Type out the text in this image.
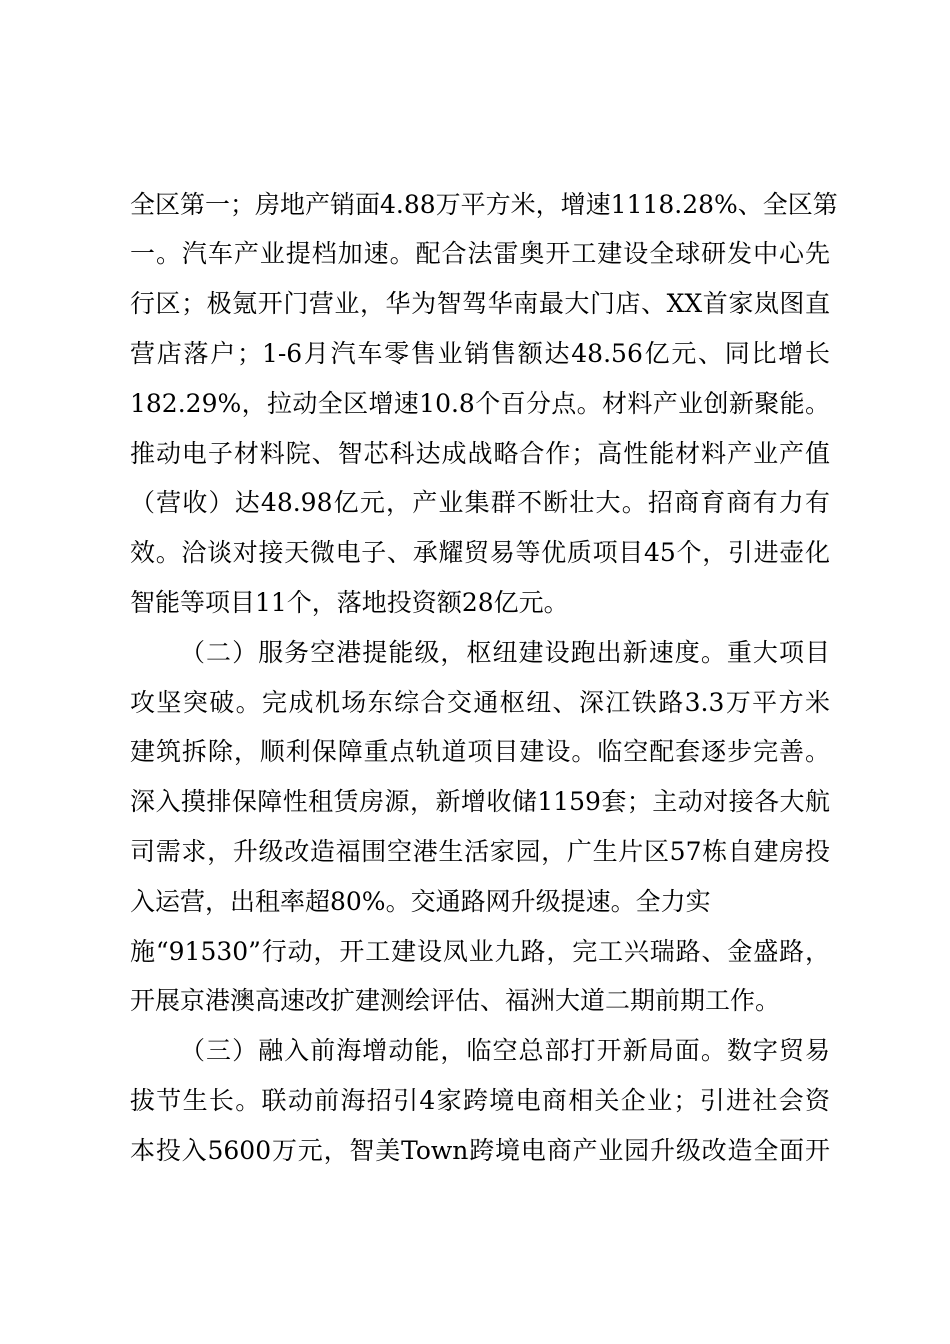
全区第一；房地产销面4.88万平方米，增速1118.28%、全区第
一。汽车产业提档加速。配合法雷奥开工建设全球研发中心先
行区；极氪开门营业，华为智驾华南最大门店、XX首家岚图直
营店落户；1-6月汽车零售业销售额达48.56亿元、同比增长
182.29%，拉动全区增速10.8个百分点。材料产业创新聚能。
推动电子材料院、智芯科达成战略合作；高性能材料产业产值
（营收）达48.98亿元，产业集群不断壮大。招商育商有力有
效。洽谈对接天微电子、承耀贸易等优质项目45个，引进壶化
智能等项目11个，落地投资额28亿元。
（二）服务空港提能级，枢纽建设跑出新速度。重大项目
攻坚突破。完成机场东综合交通枢纽、深江铁路3.3万平方米
建筑拆除，顺利保障重点轨道项目建设。临空配套逐步完善。
深入摸排保障性租赁房源，新增收储1159套；主动对接各大航
司需求，升级改造福围空港生活家园，广生片区57栋自建房投
入运营，出租率超80%。交通路网升级提速。全力实
施“91530”行动，开工建设凤业九路，完工兴瑞路、金盛路，
开展京港澳高速改扩建测绘评估、福洲大道二期前期工作。
（三）融入前海增动能，临空总部打开新局面。数字贸易
拔节生长。联动前海招引4家跨境电商相关企业；引进社会资
本投入5600万元，智美Town跨境电商产业园升级改造全面开
